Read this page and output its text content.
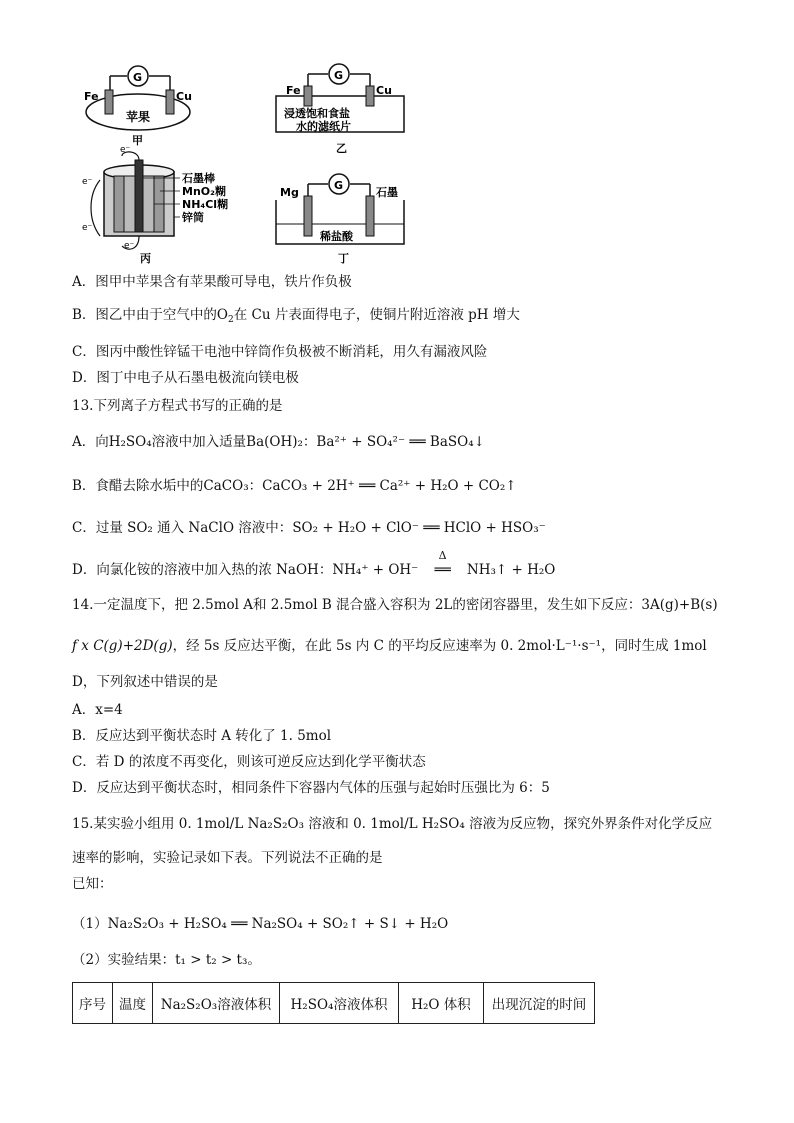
G
Fe	Cu
苹果
甲
G
Fe	Cu
浸透饱和食盐
水的滤纸片
乙
e⁻
e⁻
e⁻
e⁻
石墨棒
MnO₂糊
NH₄Cl糊
锌筒
丙
G
Mg	石墨
稀盐酸
丁
A．图甲中苹果含有苹果酸可导电，铁片作负极
B．图乙中由于空气中的$O_2$在 Cu 片表面得电子，使铜片附近溶液 pH 增大
C．图丙中酸性锌锰干电池中锌筒作负极被不断消耗，用久有漏液风险
D．图丁中电子从石墨电极流向镁电极
13.下列离子方程式书写的正确的是
A．向H₂SO₄溶液中加入适量Ba(OH)₂：Ba²⁺ + SO₄²⁻ ══ BaSO₄↓
B．食醋去除水垢中的CaCO₃：CaCO₃ + 2H⁺ ══ Ca²⁺ + H₂O + CO₂↑
C．过量 SO₂ 通入 NaClO 溶液中：SO₂ + H₂O + ClO⁻ ══ HClO + HSO₃⁻
D．向氯化铵的溶液中加入热的浓 NaOH：NH₄⁺ + OH⁻
Δ
══ NH₃↑ + H₂O
14.一定温度下，把 2.5mol A和 2.5mol B 混合盛入容积为 2L的密闭容器里，发生如下反应：3A(g)+B(s)
f x C(g)+2D(g)，经 5s 反应达平衡，在此 5s 内 C 的平均反应速率为 0. 2mol·L⁻¹·s⁻¹，同时生成 1mol
D，下列叙述中错误的是
A．x=4
B．反应达到平衡状态时 A 转化了 1. 5mol
C．若 D 的浓度不再变化，则该可逆反应达到化学平衡状态
D．反应达到平衡状态时，相同条件下容器内气体的压强与起始时压强比为 6：5
15.某实验小组用 0. 1mol/L Na₂S₂O₃ 溶液和 0. 1mol/L H₂SO₄ 溶液为反应物，探究外界条件对化学反应
速率的影响，实验记录如下表。下列说法不正确的是
已知：
（1）Na₂S₂O₃ + H₂SO₄ ══ Na₂SO₄ + SO₂↑ + S↓ + H₂O
（2）实验结果：t₁ > t₂ > t₃。
序号	温度	Na₂S₂O₃溶液体积	H₂SO₄溶液体积	H₂O 体积	出现沉淀的时间
